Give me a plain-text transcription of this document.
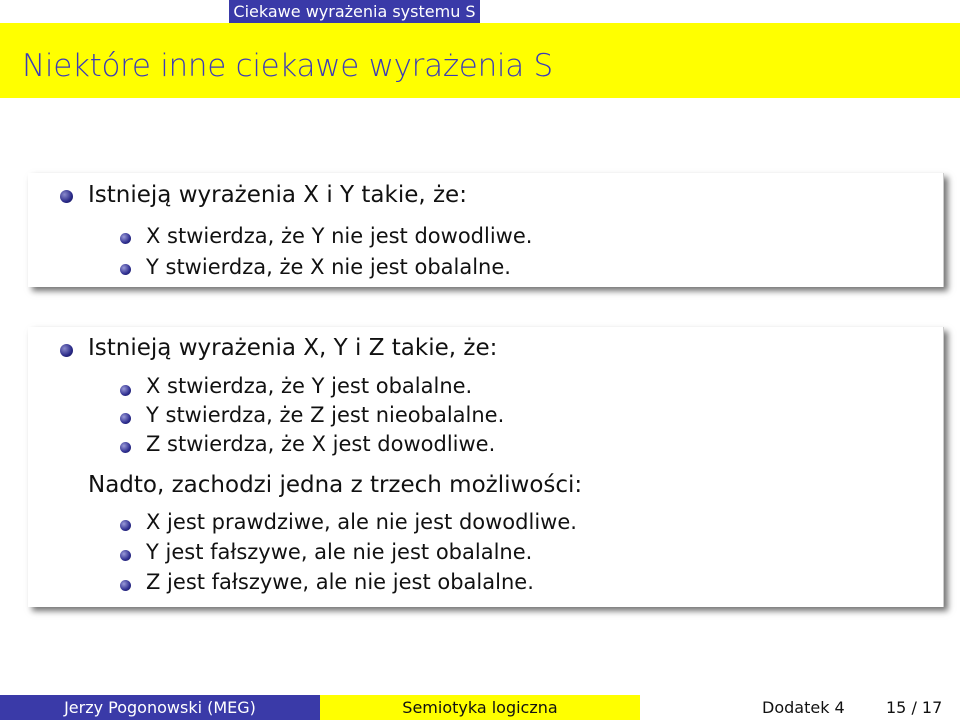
Ciekawe wyrażenia systemu S
Niektóre inne ciekawe wyrażenia S
Istnieją wyrażenia X i Y takie, że:
X stwierdza, że Y nie jest dowodliwe.
Y stwierdza, że X nie jest obalalne.
Istnieją wyrażenia X, Y i Z takie, że:
X stwierdza, że Y jest obalalne.
Y stwierdza, że Z jest nieobalalne.
Z stwierdza, że X jest dowodliwe.
Nadto, zachodzi jedna z trzech możliwości:
X jest prawdziwe, ale nie jest dowodliwe.
Y jest fałszywe, ale nie jest obalalne.
Z jest fałszywe, ale nie jest obalalne.
Jerzy Pogonowski (MEG)	Semiotyka logiczna	Dodatek 4	15 / 17
